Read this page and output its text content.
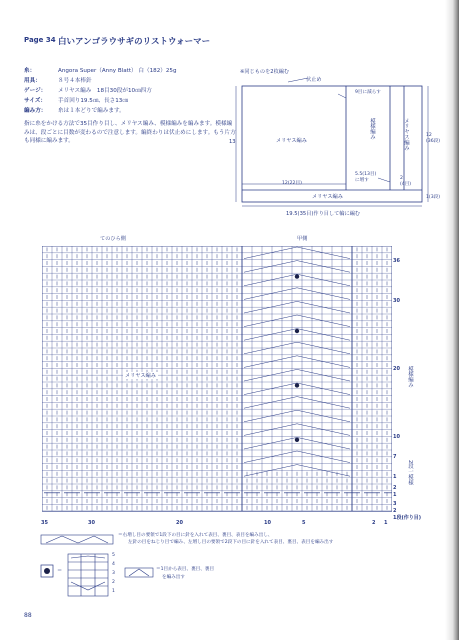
Page 34 白いアンゴラウサギのリストウォーマー
糸：	Angora Super（Anny Blatt） 白（182）25g
用具：	８号４本棒針
ゲージ： メリヤス編み　18目30段が10㎝四方
サイズ： 手首回り19.5㎝、長さ13㎝
編み方： 糸は１本どりで編みます。
指に糸をかける方法で35目作り目し、メリヤス編み、模様編みを編みます。模様編みは、段ごとに目数が変わるので注意します。編終わりは伏止めにします。もう片方も同様に編みます。
※同じものを2枚編む
伏止め
9目に減らす
模様編み	メリヤス編み
メリヤス編み
13
12(22目)
5.5(13目)
に増す	2
(4目)
12
(36段)
1(3段)
メリヤス編み
19.5(35目)作り目して輪に編む
てのひら側	甲側
メリヤス編み	模様編み
2段一模様
36
30
20
10
7
1
2
1
3
2
1段(作り目)
35	30	20	10	5	2 1
＝右増し目の要領で1段下の目に針を入れて表目、裏目、表目を編み出し、
左針の目をねじり目で編み、左増し目の要領で2段下の目に針を入れて表目、裏目、表目を編み出す
＝
5
4
3
2
1
＝1目から表目、裏目、裏目
を編み出す
88
